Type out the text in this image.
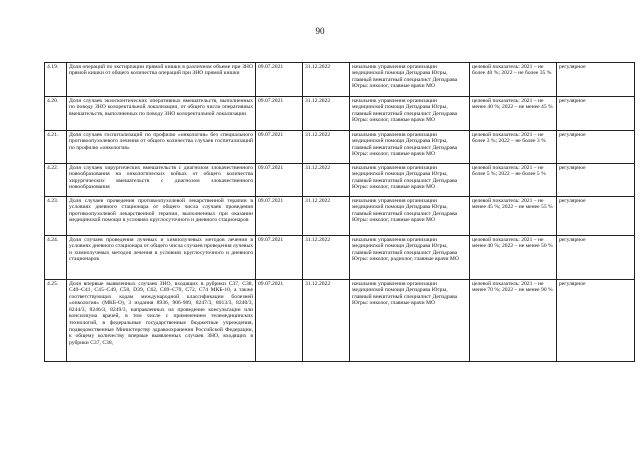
90
4.19.	Доля операций по экстирпации прямой кишки в различном объеме при ЗНО прямой кишки от общего количества операций при ЗНО прямой кишки	09.07.2021	31.12.2022	начальник управления организации медицинской помощи Депздрава Югры, главный внештатный специалист Депздрава Югры: онколог, главные врачи МО	целевой показатель: 2021 – не более 40 %; 2022 – не более 35 %	регулярное
4.20.	Доля случаев экзосконтических оперативных вмешательств, выполненных по поводу ЗНО колоректальной локализации, от общего числа оперативных вмешательств, выполненных по поводу ЗНО колоректальной локализации	09.07.2021	31.12.2022	начальник управления организации медицинской помощи Депздрава Югры, главный внештатный специалист Депздрава Югры: онколог, главные врачи МО	целевой показатель: 2021 – не менее 40 %; 2022 – не менее 45 %	регулярное
4.21.	Доля случаев госпитализаций по профилю «онкология» без специального противоопухолевого лечения от общего количества случаев госпитализаций по профилю «онкология»	09.07.2021	31.12.2022	начальник управления организации медицинской помощи Депздрава Югры, главный внештатный специалист Депздрава Югры: онколог, главные врачи МО	целевой показатель: 2021 – не более 3 %; 2022 – не более 3 %	регулярное
4.22.	Доля случаев хирургических вмешательств с диагнозом злокачественного новообразования на онкологических койках от общего количества хирургических вмешательств с диагнозом злокачественного новообразования	09.07.2021	31.12.2022	начальник управления организации медицинской помощи Депздрава Югры, главный внештатный специалист Депздрава Югры: онколог, главные врачи МО	целевой показатель: 2021 – не более 5 %; 2022 – не более 5 %	регулярное
4.23.	Доля случаев проведения противоопухолевой лекарственной терапии в условиях дневного стационара от общего числа случаев проведения противоопухолевой лекарственной терапии, выполненных при оказании медицинской помощи в условиях круглосуточного и дневного стационаров	09.07.2021	31.12.2022	начальник управления организации медицинской помощи Депздрава Югры, главный внештатный специалист Депздрава Югры: онколог, главные врачи МО	целевой показатель: 2021 – не менее 45 %; 2022 – не менее 55 %	регулярное
4.24.	Доля случаев проведения лучевых и химиолучевых методов лечения в условиях дневного стационара от общего числа случаев проведения лучевых и химиолучевых методов лечения в условиях круглосуточного и дневного стационаров	09.07.2021	31.12.2022	начальник управления организации медицинской помощи Депздрава Югры, главный внештатный специалист Депздрава Югры: онколог, радиолог, главные врачи МО	целевой показатель: 2021 – не менее 40 %; 2022 – не менее 50 %	регулярное
4.25.	Доля впервые выявленных случаев ЗНО, входящих в рубрики С37, С38, С40–С41, С45–С49, С58, D39, С62, С69–С70, С72, С74 МКБ-10, а также соответствующих кодам международной классификации болезней «онкология» (МКБ-О), 3 издания 8936, 906-909, 8247/3, 8013/3, 8240/3, 8244/3, 8246/3, 8249/3, направленных на проведение консультации или консилиума врачей, в том числе с применением телемедицинских технологий, в федеральные государственные бюджетные учреждения, подведомственные Министерству здравоохранения Российской Федерации, к общему количеству впервые выявленных случаев ЗНО, входящих в рубрики С37, С38,	09.07.2021	31.12.2022	начальник управления организации медицинской помощи Депздрава Югры, главный внештатный специалист Депздрава Югры: онколог, главные врачи МО	целевой показатель: 2021 – не менее 70 %; 2022 – не менее 90 %	регулярное
